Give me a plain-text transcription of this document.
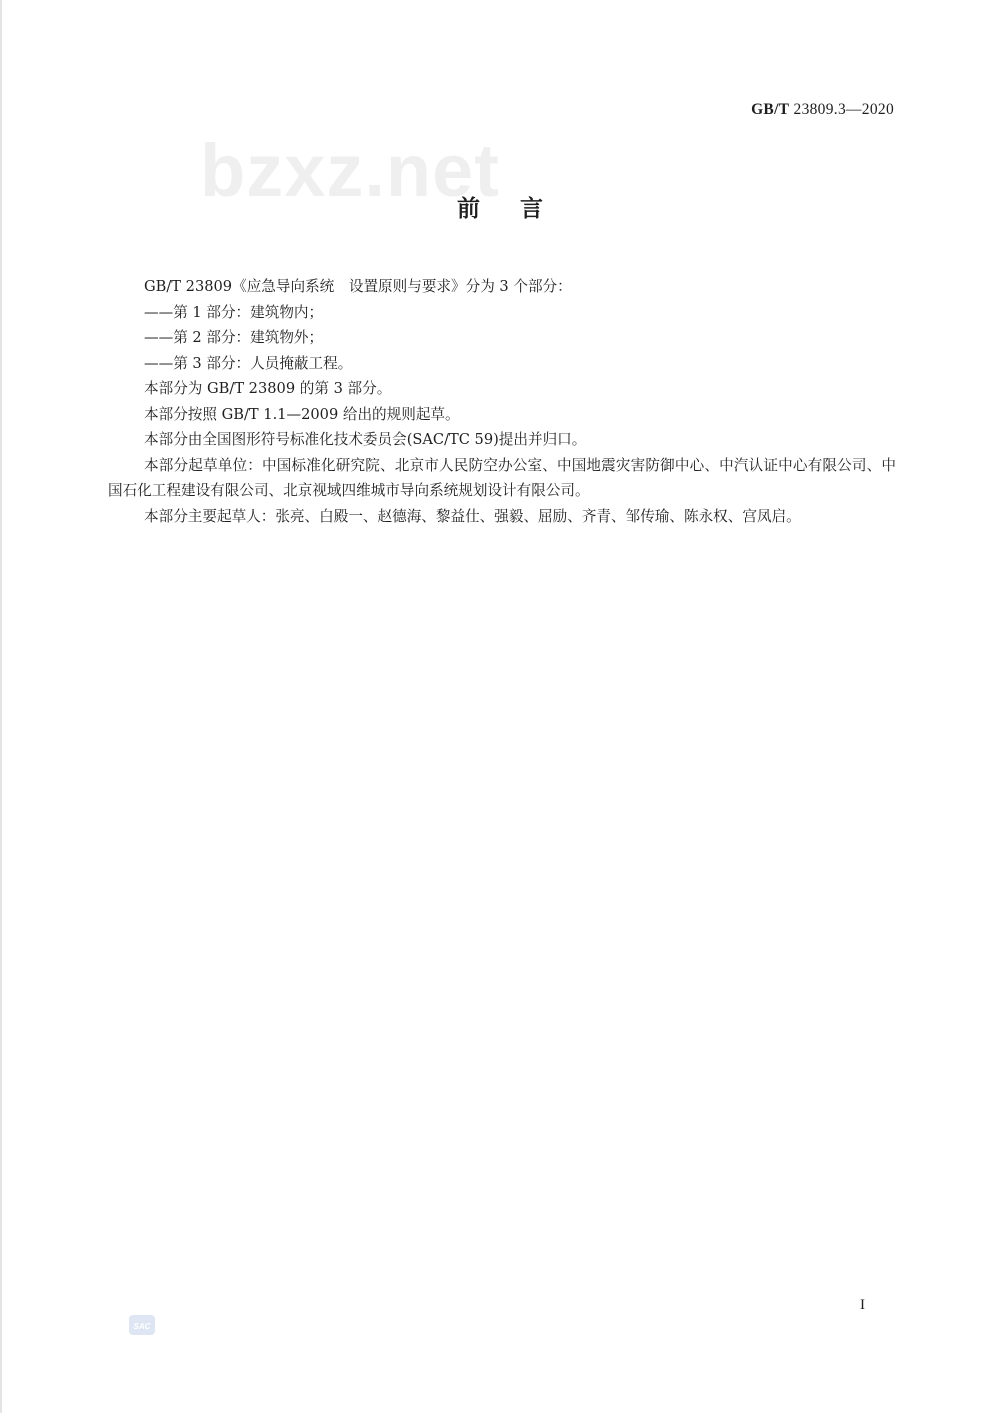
GB/T 23809.3—2020
bzxz.net
前言

GB/T 23809《应急导向系统　设置原则与要求》分为 3 个部分：

——第 1 部分：建筑物内；

——第 2 部分：建筑物外；

——第 3 部分：人员掩蔽工程。

本部分为 GB/T 23809 的第 3 部分。

本部分按照 GB/T 1.1—2009 给出的规则起草。

本部分由全国图形符号标准化技术委员会(SAC/TC 59)提出并归口。

本部分起草单位：中国标准化研究院、北京市人民防空办公室、中国地震灾害防御中心、中汽认证中心有限公司、中国石化工程建设有限公司、北京视域四维城市导向系统规划设计有限公司。

本部分主要起草人：张亮、白殿一、赵德海、黎益仕、强毅、屈励、齐青、邹传瑜、陈永权、宫凤启。

I
SAC
